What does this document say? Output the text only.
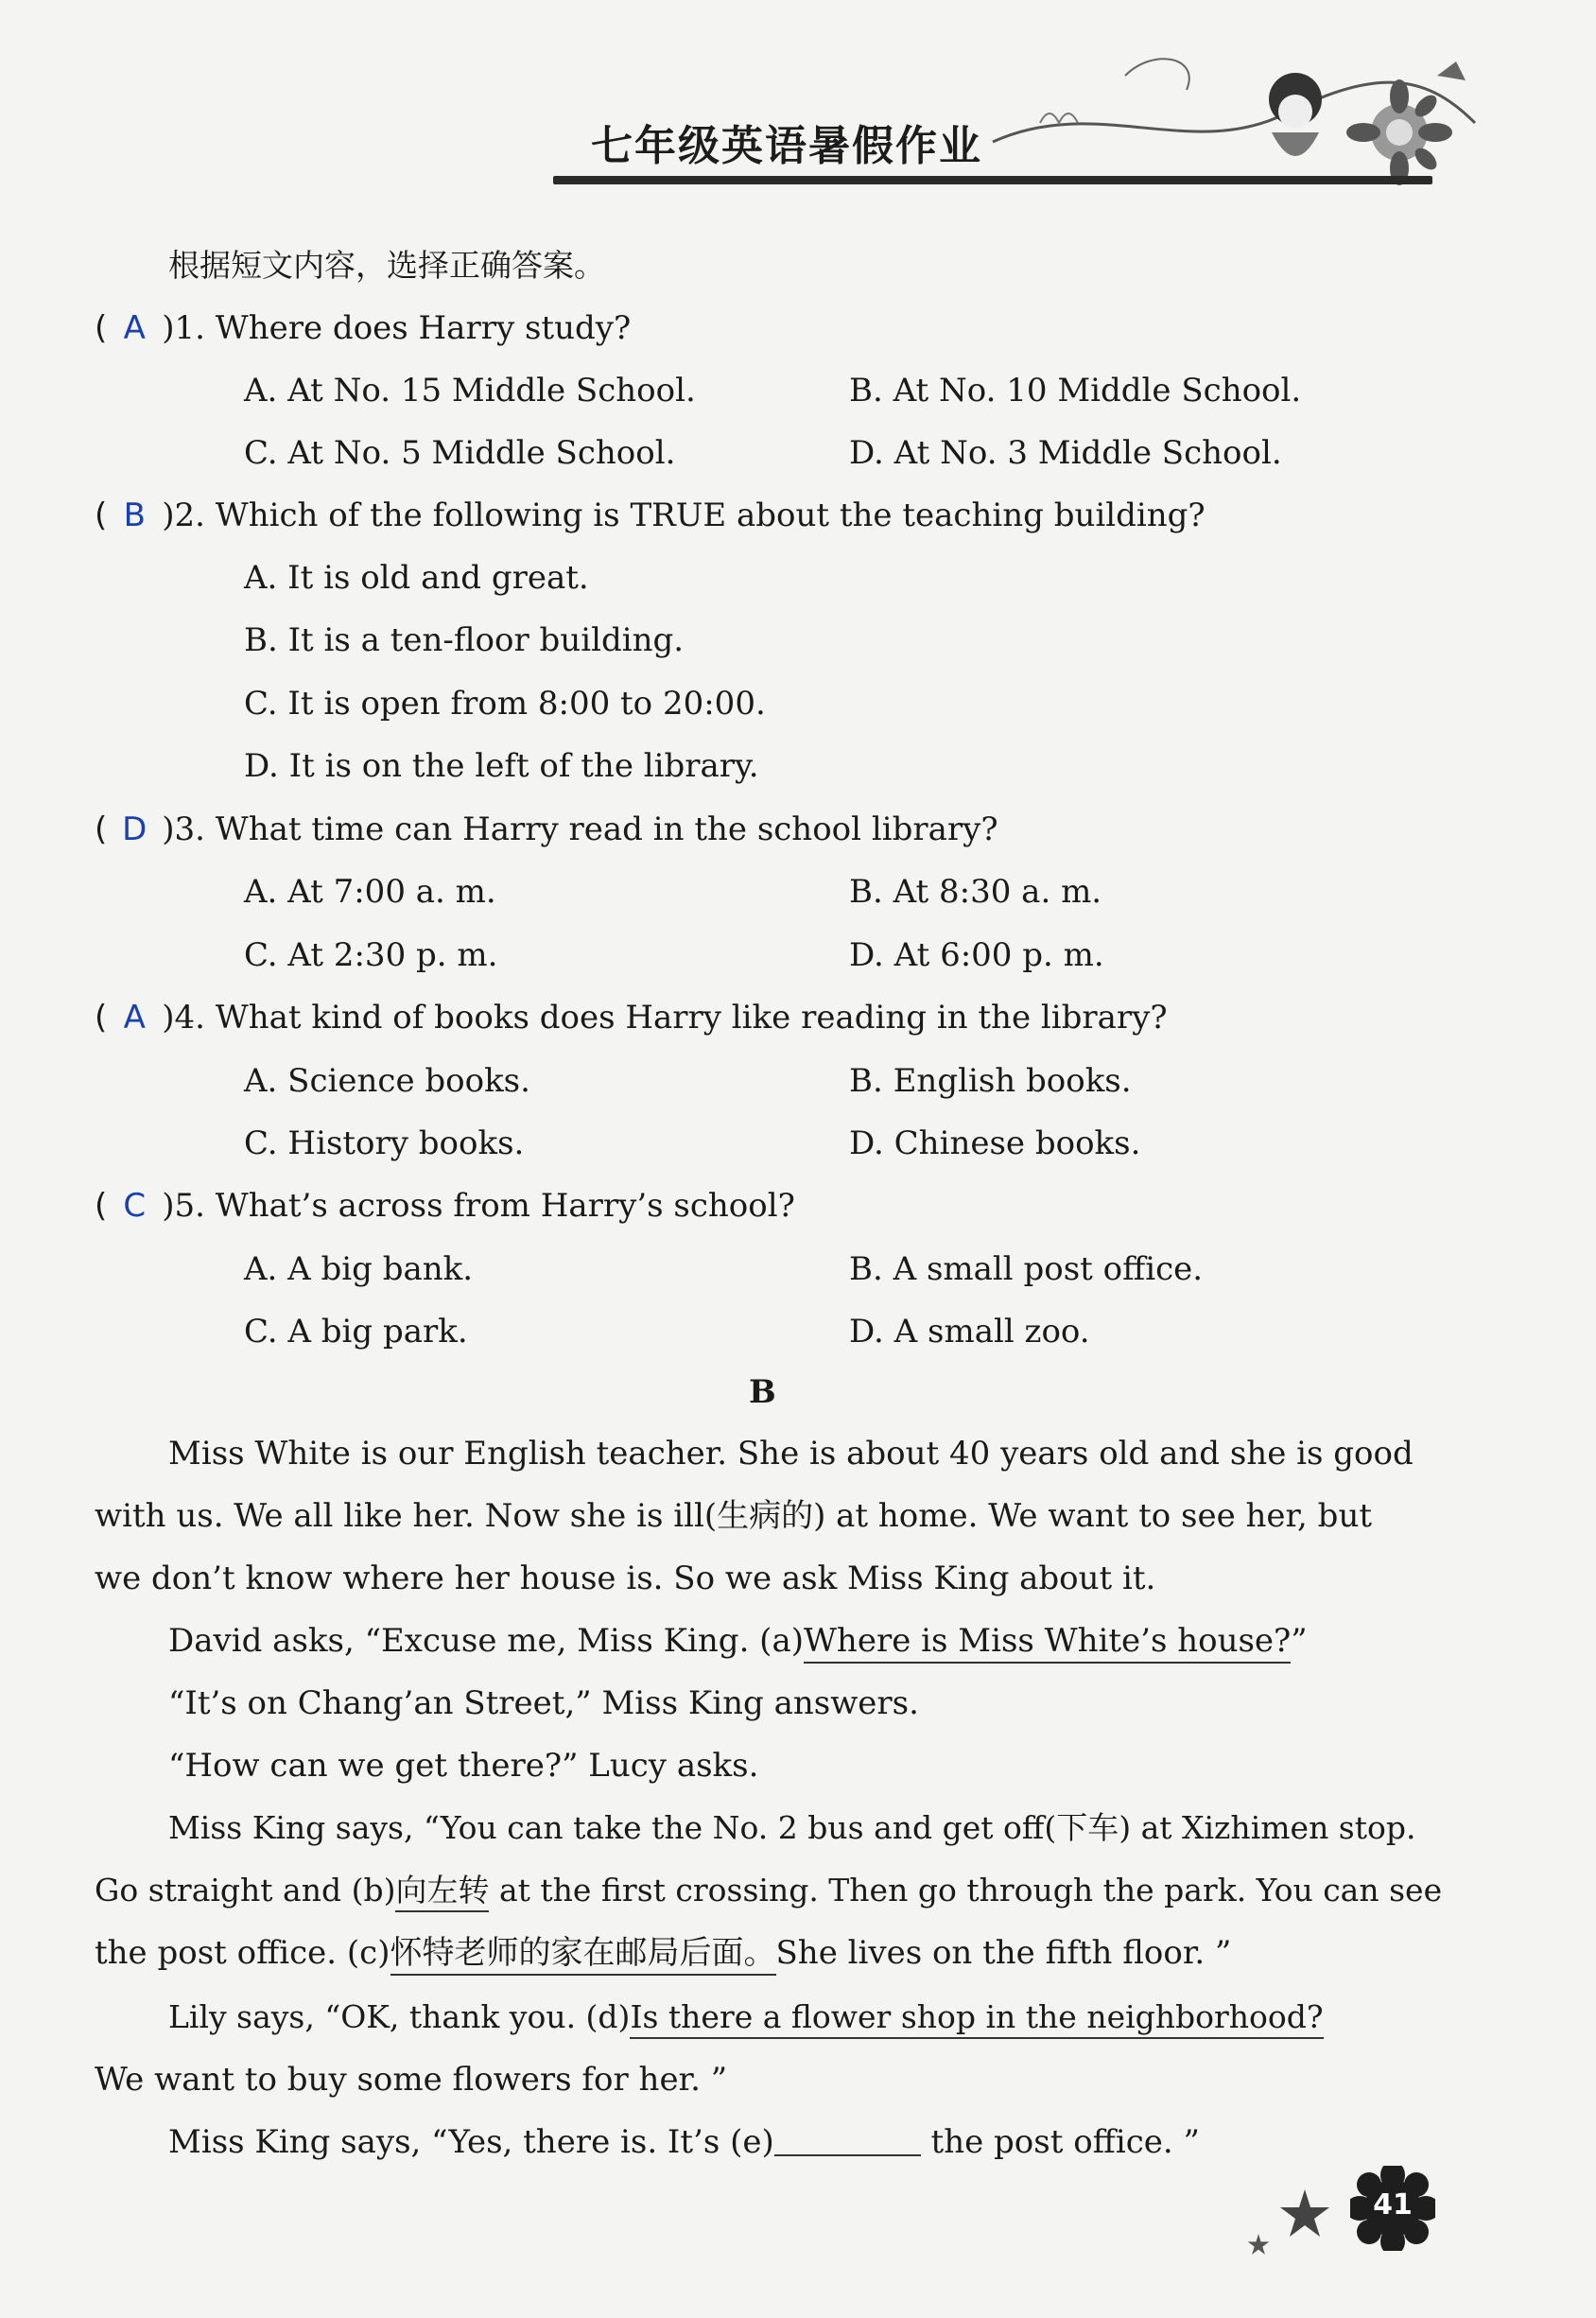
七年级英语暑假作业
根据短文内容，选择正确答案。
( A )1. Where does Harry study?
A. At No. 15 Middle School.	B. At No. 10 Middle School.
C. At No. 5 Middle School.	D. At No. 3 Middle School.
( B )2. Which of the following is TRUE about the teaching building?
A. It is old and great.
B. It is a ten-floor building.
C. It is open from 8:00 to 20:00.
D. It is on the left of the library.
( D )3. What time can Harry read in the school library?
A. At 7:00 a. m.	B. At 8:30 a. m.
C. At 2:30 p. m.	D. At 6:00 p. m.
( A )4. What kind of books does Harry like reading in the library?
A. Science books.	B. English books.
C. History books.	D. Chinese books.
( C )5. What’s across from Harry’s school?
A. A big bank.	B. A small post office.
C. A big park.	D. A small zoo.
B
Miss White is our English teacher. She is about 40 years old and she is good
with us. We all like her. Now she is ill(生病的) at home. We want to see her, but
we don’t know where her house is. So we ask Miss King about it.
David asks, “Excuse me, Miss King. (a)Where is Miss White’s house?”
“It’s on Chang’an Street,” Miss King answers.
“How can we get there?” Lucy asks.
Miss King says, “You can take the No. 2 bus and get off(下车) at Xizhimen stop.
Go straight and (b)向左转 at the first crossing. Then go through the park. You can see
the post office. (c)怀特老师的家在邮局后面。She lives on the fifth floor. ”
Lily says, “OK, thank you. (d)Is there a flower shop in the neighborhood?
We want to buy some flowers for her. ”
Miss King says, “Yes, there is. It’s (e)	the post office. ”
41
